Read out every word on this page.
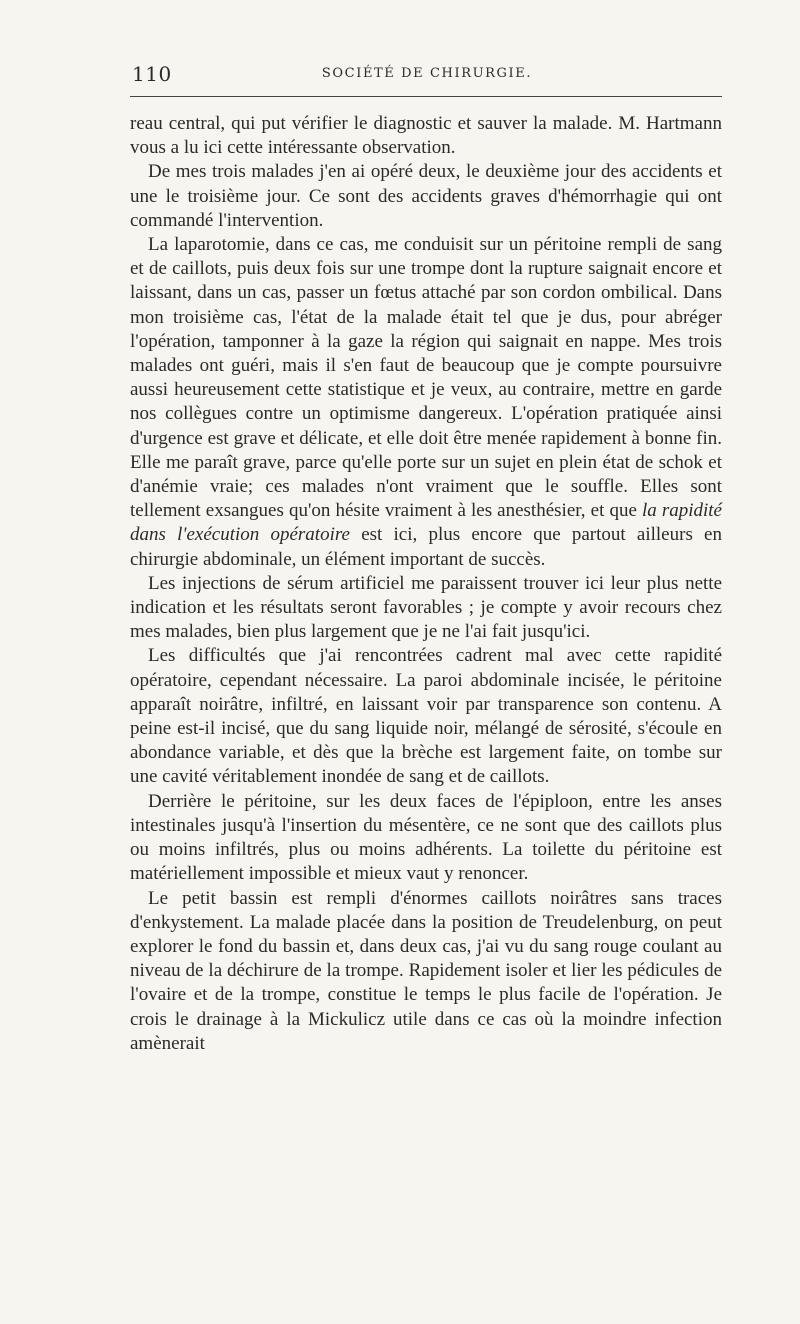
110	SOCIÉTÉ DE CHIRURGIE.

reau central, qui put vérifier le diagnostic et sauver la malade. M. Hartmann vous a lu ici cette intéressante observation.

De mes trois malades j'en ai opéré deux, le deuxième jour des accidents et une le troisième jour. Ce sont des accidents graves d'hémorrhagie qui ont commandé l'intervention.

La laparotomie, dans ce cas, me conduisit sur un péritoine rempli de sang et de caillots, puis deux fois sur une trompe dont la rupture saignait encore et laissant, dans un cas, passer un fœtus attaché par son cordon ombilical. Dans mon troisième cas, l'état de la malade était tel que je dus, pour abréger l'opération, tamponner à la gaze la région qui saignait en nappe. Mes trois malades ont guéri, mais il s'en faut de beaucoup que je compte poursuivre aussi heureusement cette statistique et je veux, au contraire, mettre en garde nos collègues contre un optimisme dangereux. L'opération pratiquée ainsi d'urgence est grave et délicate, et elle doit être menée rapidement à bonne fin. Elle me paraît grave, parce qu'elle porte sur un sujet en plein état de schok et d'anémie vraie; ces malades n'ont vraiment que le souffle. Elles sont tellement exsangues qu'on hésite vraiment à les anesthésier, et que la rapidité dans l'exécution opératoire est ici, plus encore que partout ailleurs en chirurgie abdominale, un élément important de succès.

Les injections de sérum artificiel me paraissent trouver ici leur plus nette indication et les résultats seront favorables ; je compte y avoir recours chez mes malades, bien plus largement que je ne l'ai fait jusqu'ici.

Les difficultés que j'ai rencontrées cadrent mal avec cette rapidité opératoire, cependant nécessaire. La paroi abdominale incisée, le péritoine apparaît noirâtre, infiltré, en laissant voir par transparence son contenu. A peine est-il incisé, que du sang liquide noir, mélangé de sérosité, s'écoule en abondance variable, et dès que la brèche est largement faite, on tombe sur une cavité véritablement inondée de sang et de caillots.

Derrière le péritoine, sur les deux faces de l'épiploon, entre les anses intestinales jusqu'à l'insertion du mésentère, ce ne sont que des caillots plus ou moins infiltrés, plus ou moins adhérents. La toilette du péritoine est matériellement impossible et mieux vaut y renoncer.

Le petit bassin est rempli d'énormes caillots noirâtres sans traces d'enkystement. La malade placée dans la position de Treudelenburg, on peut explorer le fond du bassin et, dans deux cas, j'ai vu du sang rouge coulant au niveau de la déchirure de la trompe. Rapidement isoler et lier les pédicules de l'ovaire et de la trompe, constitue le temps le plus facile de l'opération. Je crois le drainage à la Mickulicz utile dans ce cas où la moindre infection amènerait
